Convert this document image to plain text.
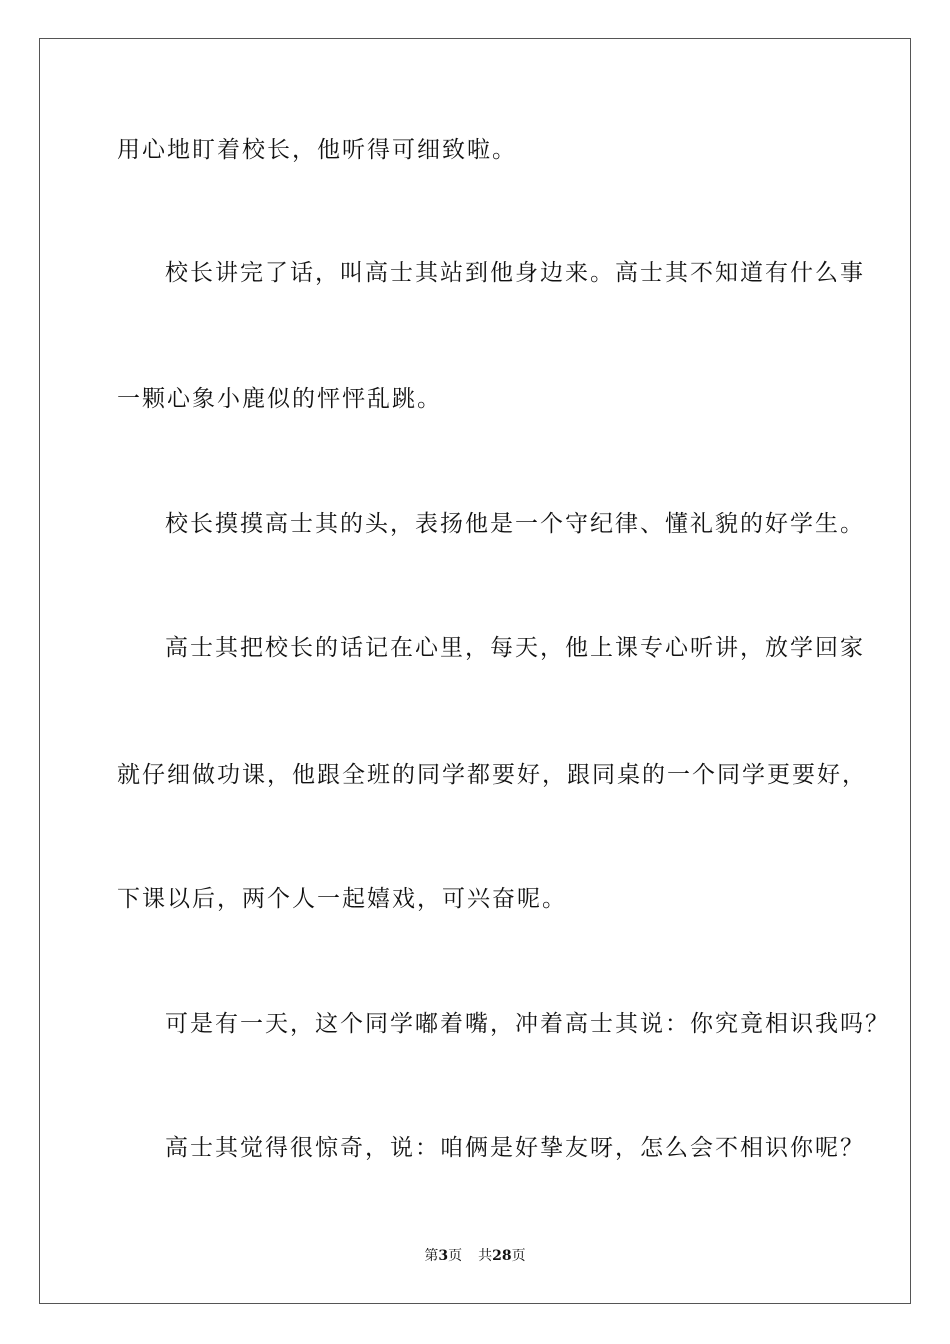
用心地盯着校长，他听得可细致啦。
校长讲完了话，叫高士其站到他身边来。高士其不知道有什么事
一颗心象小鹿似的怦怦乱跳。
校长摸摸高士其的头，表扬他是一个守纪律、懂礼貌的好学生。
高士其把校长的话记在心里，每天，他上课专心听讲，放学回家
就仔细做功课，他跟全班的同学都要好，跟同桌的一个同学更要好，
下课以后，两个人一起嬉戏，可兴奋呢。
可是有一天，这个同学嘟着嘴，冲着高士其说：你究竟相识我吗？
高士其觉得很惊奇，说：咱俩是好挚友呀，怎么会不相识你呢？
第3页 共28页
